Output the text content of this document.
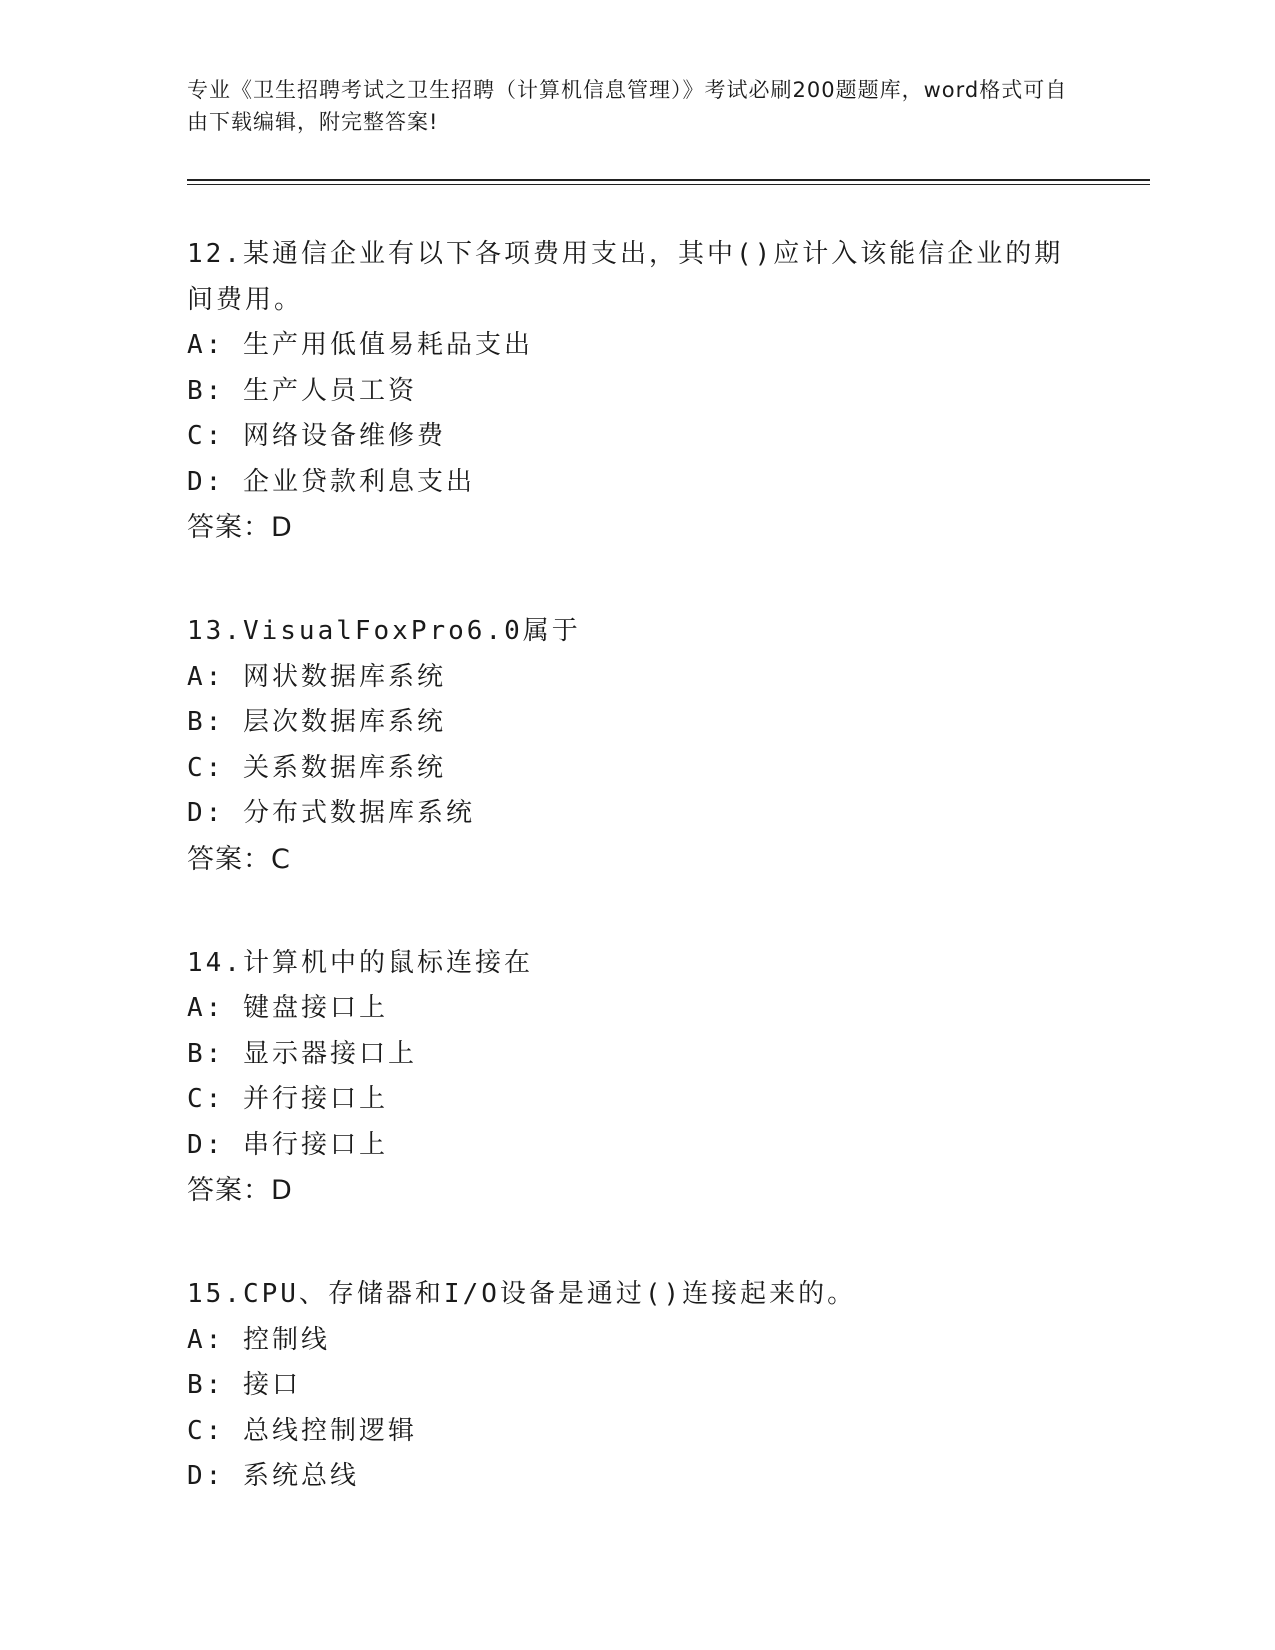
专业《卫生招聘考试之卫生招聘（计算机信息管理）》考试必刷200题题库，word格式可自由下载编辑，附完整答案!
12.某通信企业有以下各项费用支出，其中()应计入该能信企业的期间费用。
A: 生产用低值易耗品支出
B: 生产人员工资
C: 网络设备维修费
D: 企业贷款利息支出
答案：D
13.VisualFoxPro6.0属于
A: 网状数据库系统
B: 层次数据库系统
C: 关系数据库系统
D: 分布式数据库系统
答案：C
14.计算机中的鼠标连接在
A: 键盘接口上
B: 显示器接口上
C: 并行接口上
D: 串行接口上
答案：D
15.CPU、存储器和I/O设备是通过()连接起来的。
A: 控制线
B: 接口
C: 总线控制逻辑
D: 系统总线
